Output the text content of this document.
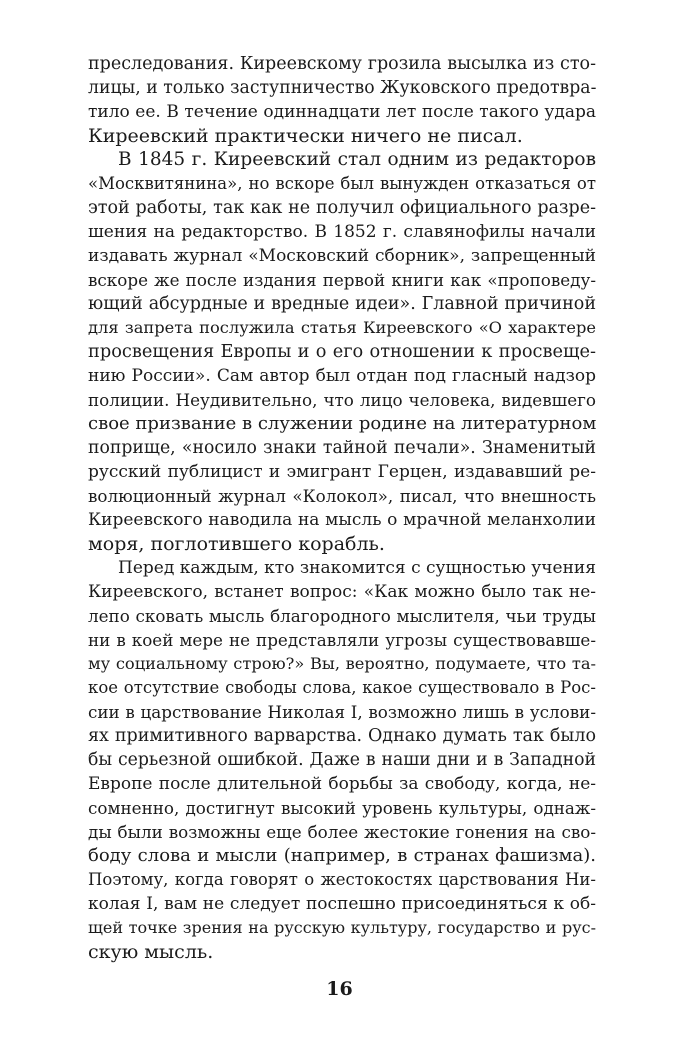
преследования. Киреевскому грозила высылка из сто-
лицы, и только заступничество Жуковского предотвра-
тило ее. В течение одиннадцати лет после такого удара
Киреевский практически ничего не писал.
В 1845 г. Киреевский стал одним из редакторов
«Москвитянина», но вскоре был вынужден отказаться от
этой работы, так как не получил официального разре-
шения на редакторство. В 1852 г. славянофилы начали
издавать журнал «Московский сборник», запрещенный
вскоре же после издания первой книги как «проповеду-
ющий абсурдные и вредные идеи». Главной причиной
для запрета послужила статья Киреевского «О характере
просвещения Европы и о его отношении к просвеще-
нию России». Сам автор был отдан под гласный надзор
полиции. Неудивительно, что лицо человека, видевшего
свое призвание в служении родине на литературном
поприще, «носило знаки тайной печали». Знаменитый
русский публицист и эмигрант Герцен, издававший ре-
волюционный журнал «Колокол», писал, что внешность
Киреевского наводила на мысль о мрачной меланхолии
моря, поглотившего корабль.
Перед каждым, кто знакомится с сущностью учения
Киреевского, встанет вопрос: «Как можно было так не-
лепо сковать мысль благородного мыслителя, чьи труды
ни в коей мере не представляли угрозы существовавше-
му социальному строю?» Вы, вероятно, подумаете, что та-
кое отсутствие свободы слова, какое существовало в Рос-
сии в царствование Николая I, возможно лишь в услови-
ях примитивного варварства. Однако думать так было
бы серьезной ошибкой. Даже в наши дни и в Западной
Европе после длительной борьбы за свободу, когда, не-
сомненно, достигнут высокий уровень культуры, однаж-
ды были возможны еще более жестокие гонения на сво-
боду слова и мысли (например, в странах фашизма).
Поэтому, когда говорят о жестокостях царствования Ни-
колая I, вам не следует поспешно присоединяться к об-
щей точке зрения на русскую культуру, государство и рус-
скую мысль.
16
